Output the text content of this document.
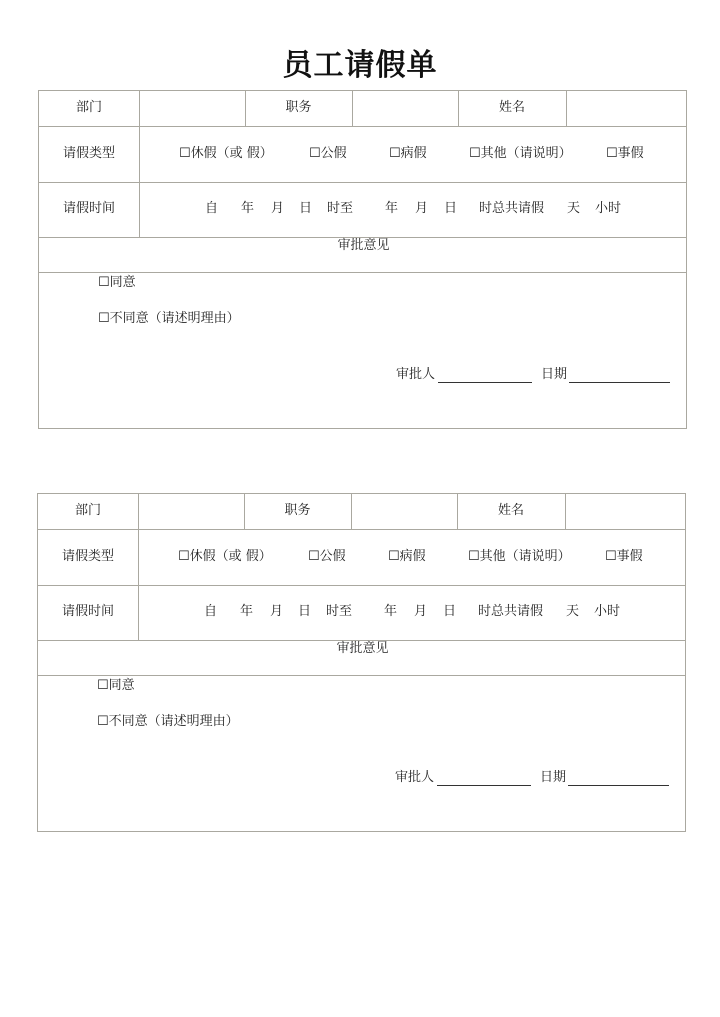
员工请假单
部门	职务	姓名
请假类型	☐休假（或 假）	☐公假	☐病假	☐其他（请说明）	☐事假
请假时间	自 年 月 日 时至 年 月 日 时总共请假 天 小时
审批意见
☐同意
☐不同意（请述明理由）
审批人	日期
部门	职务	姓名
请假类型	☐休假（或 假）	☐公假	☐病假	☐其他（请说明）	☐事假
请假时间	自 年 月 日 时至 年 月 日 时总共请假 天 小时
审批意见
☐同意
☐不同意（请述明理由）
审批人	日期
